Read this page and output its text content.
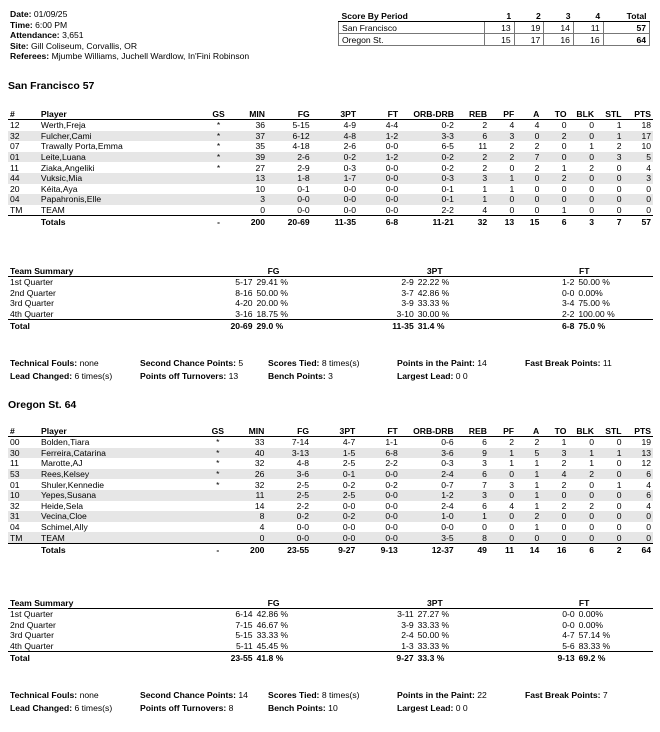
Date: 01/09/25
Time: 6:00 PM
Attendance: 3,651
Site: Gill Coliseum, Corvallis, OR
Referees: Mjumbe Williams, Juchell Wardlow, In'Fini Robinson
Score By Period	1	2	3	4	Total
San Francisco	13	19	14	11	57
Oregon St.	15	17	16	16	64
San Francisco 57
#	Player	GS	MIN	FG	3PT	FT	ORB-DRB	REB	PF	A	TO	BLK	STL	PTS
12	Werth,Freja	*	36	5-15	4-9	4-4	0-2	2	4	4	0	0	1	18
32	Fulcher,Cami	*	37	6-12	4-8	1-2	3-3	6	3	0	2	0	1	17
07	Trawally Porta,Emma	*	35	4-18	2-6	0-0	6-5	11	2	2	0	1	2	10
01	Leite,Luana	*	39	2-6	0-2	1-2	0-2	2	2	7	0	0	3	5
11	Ziaka,Angeliki	*	27	2-9	0-3	0-0	0-2	2	0	2	1	2	0	4
44	Vuksic,Mia		13	1-8	1-7	0-0	0-3	3	1	0	2	0	0	3
20	Kéita,Aya		10	0-1	0-0	0-0	0-1	1	1	0	0	0	0	0
04	Papahronis,Elle		3	0-0	0-0	0-0	0-1	1	0	0	0	0	0	0
TM	TEAM		0	0-0	0-0	0-0	2-2	4	0	0	1	0	0	0
	Totals	-	200	20-69	11-35	6-8	11-21	32	13	15	6	3	7	57
Team Summary	FG		3PT		FT	
1st Quarter	5-17	29.41 %	2-9	22.22 %	1-2	50.00 %
2nd Quarter	8-16	50.00 %	3-7	42.86 %	0-0	0.00%
3rd Quarter	4-20	20.00 %	3-9	33.33 %	3-4	75.00 %
4th Quarter	3-16	18.75 %	3-10	30.00 %	2-2	100.00 %
Total	20-69	29.0 %	11-35	31.4 %	6-8	75.0 %
Technical Fouls: none	Second Chance Points: 5	Scores Tied: 8 times(s)	Points in the Paint: 14	Fast Break Points: 11
Lead Changed: 6 times(s)	Points off Turnovers: 13	Bench Points: 3	Largest Lead: 0 0
Oregon St. 64
#	Player	GS	MIN	FG	3PT	FT	ORB-DRB	REB	PF	A	TO	BLK	STL	PTS
00	Bolden,Tiara	*	33	7-14	4-7	1-1	0-6	6	2	2	1	0	0	19
30	Ferreira,Catarina	*	40	3-13	1-5	6-8	3-6	9	1	5	3	1	1	13
11	Marotte,AJ	*	32	4-8	2-5	2-2	0-3	3	1	1	2	1	0	12
53	Rees,Kelsey	*	26	3-6	0-1	0-0	2-4	6	0	1	4	2	0	6
01	Shuler,Kennedie	*	32	2-5	0-2	0-2	0-7	7	3	1	2	0	1	4
10	Yepes,Susana		11	2-5	2-5	0-0	1-2	3	0	1	0	0	0	6
32	Heide,Sela		14	2-2	0-0	0-0	2-4	6	4	1	2	2	0	4
31	Vecina,Cloe		8	0-2	0-2	0-0	1-0	1	0	2	0	0	0	0
04	Schimel,Ally		4	0-0	0-0	0-0	0-0	0	0	1	0	0	0	0
TM	TEAM		0	0-0	0-0	0-0	3-5	8	0	0	0	0	0	0
	Totals	-	200	23-55	9-27	9-13	12-37	49	11	14	16	6	2	64
Team Summary	FG		3PT		FT	
1st Quarter	6-14	42.86 %	3-11	27.27 %	0-0	0.00%
2nd Quarter	7-15	46.67 %	3-9	33.33 %	0-0	0.00%
3rd Quarter	5-15	33.33 %	2-4	50.00 %	4-7	57.14 %
4th Quarter	5-11	45.45 %	1-3	33.33 %	5-6	83.33 %
Total	23-55	41.8 %	9-27	33.3 %	9-13	69.2 %
Technical Fouls: none	Second Chance Points: 14 Scores Tied: 8 times(s)	Points in the Paint: 22	Fast Break Points: 7
Lead Changed: 6 times(s)	Points off Turnovers: 8	Bench Points: 10	Largest Lead: 0 0
